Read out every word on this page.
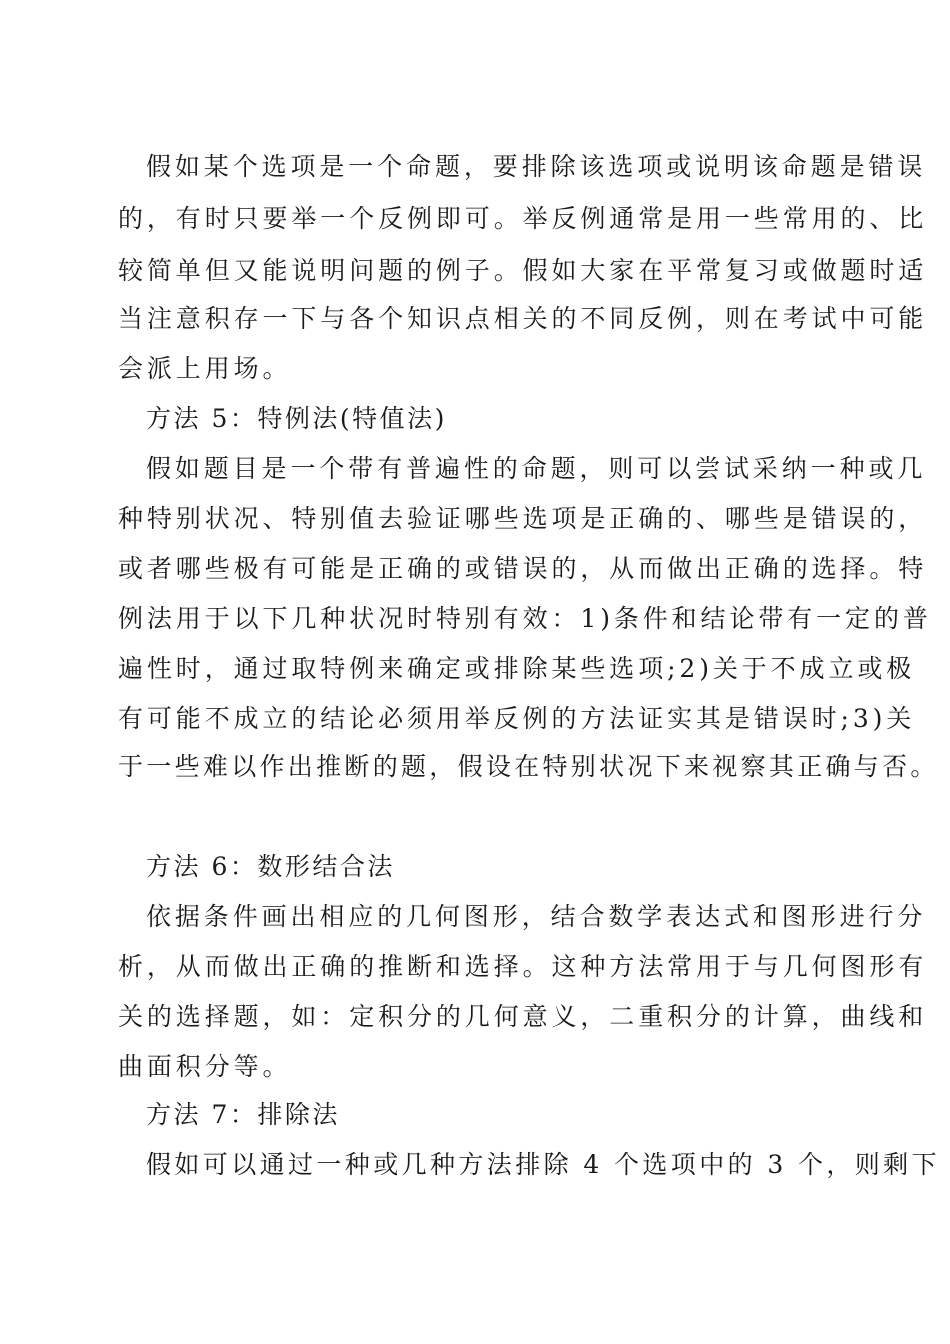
假如某个选项是一个命题，要排除该选项或说明该命题是错误
的，有时只要举一个反例即可。举反例通常是用一些常用的、比
较简单但又能说明问题的例子。假如大家在平常复习或做题时适
当注意积存一下与各个知识点相关的不同反例，则在考试中可能
会派上用场。
方法 5：特例法(特值法)
假如题目是一个带有普遍性的命题，则可以尝试采纳一种或几
种特别状况、特别值去验证哪些选项是正确的、哪些是错误的，
或者哪些极有可能是正确的或错误的，从而做出正确的选择。特
例法用于以下几种状况时特别有效：1)条件和结论带有一定的普
遍性时，通过取特例来确定或排除某些选项;2)关于不成立或极
有可能不成立的结论必须用举反例的方法证实其是错误时;3)关
于一些难以作出推断的题，假设在特别状况下来视察其正确与否。
方法 6：数形结合法
依据条件画出相应的几何图形，结合数学表达式和图形进行分
析，从而做出正确的推断和选择。这种方法常用于与几何图形有
关的选择题，如：定积分的几何意义，二重积分的计算，曲线和
曲面积分等。
方法 7：排除法
假如可以通过一种或几种方法排除 4 个选项中的 3 个，则剩下
